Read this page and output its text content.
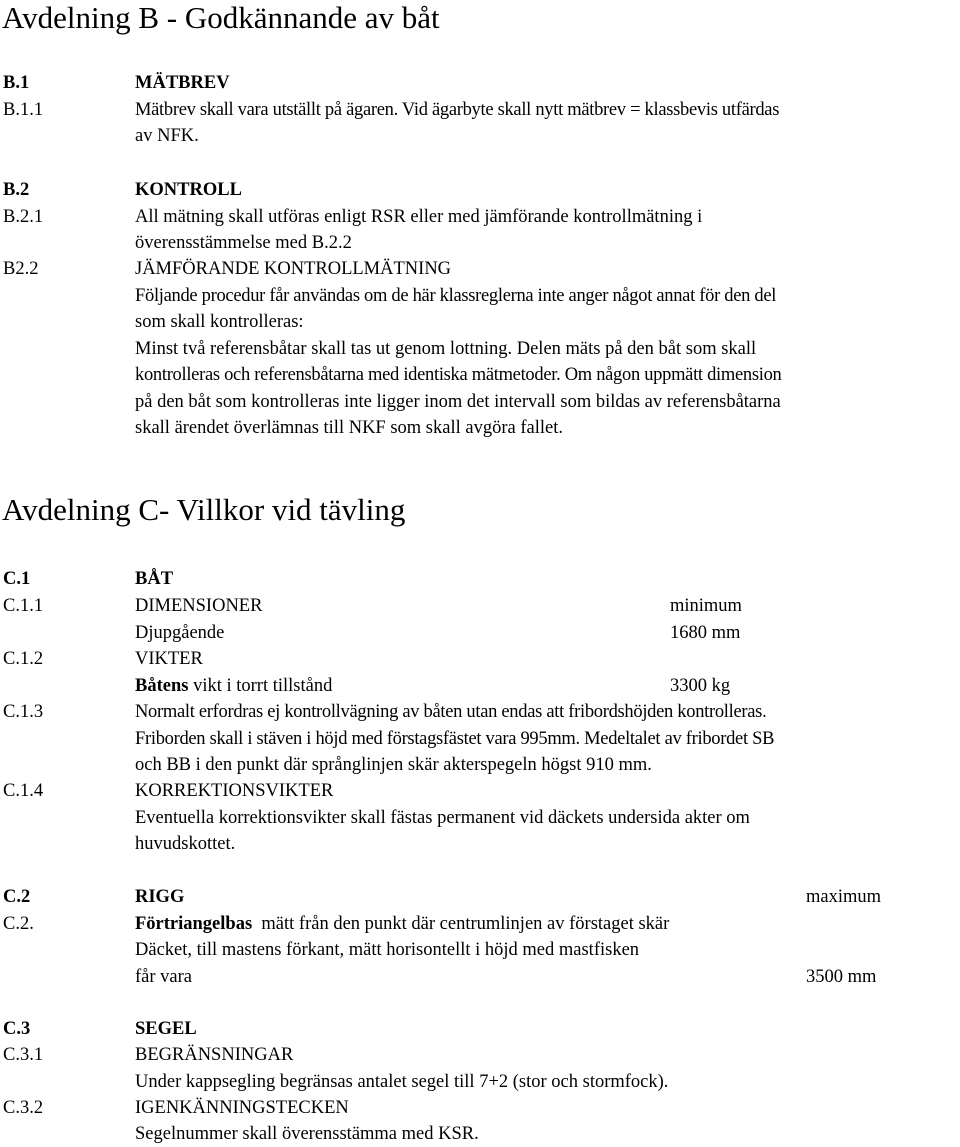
Avdelning B - Godkännande av båt
B.1	MÄTBREV
B.1.1	Mätbrev skall vara utställt på ägaren. Vid ägarbyte skall nytt mätbrev = klassbevis utfärdas
av NFK.
B.2	KONTROLL
B.2.1	All mätning skall utföras enligt RSR eller med jämförande kontrollmätning i
överensstämmelse med B.2.2
B2.2	JÄMFÖRANDE KONTROLLMÄTNING
Följande procedur får användas om de här klassreglerna inte anger något annat för den del
som skall kontrolleras:
Minst två referensbåtar skall tas ut genom lottning. Delen mäts på den båt som skall
kontrolleras och referensbåtarna med identiska mätmetoder. Om någon uppmätt dimension
på den båt som kontrolleras inte ligger inom det intervall som bildas av referensbåtarna
skall ärendet överlämnas till NKF som skall avgöra fallet.
Avdelning C- Villkor vid tävling
C.1	BÅT
C.1.1	DIMENSIONER	minimum
Djupgående	1680 mm
C.1.2	VIKTER
Båtens vikt i torrt tillstånd	3300 kg
C.1.3	Normalt erfordras ej kontrollvägning av båten utan endas att fribordshöjden kontrolleras.
Friborden skall i stäven i höjd med förstagsfästet vara 995mm. Medeltalet av fribordet SB
och BB i den punkt där språnglinjen skär akterspegeln högst 910 mm.
C.1.4	KORREKTIONSVIKTER
Eventuella korrektionsvikter skall fästas permanent vid däckets undersida akter om
huvudskottet.
C.2	RIGG	maximum
C.2.	Förtriangelbas  mätt från den punkt där centrumlinjen av förstaget skär
Däcket, till mastens förkant, mätt horisontellt i höjd med mastfisken
får vara	3500 mm
C.3	SEGEL
C.3.1	BEGRÄNSNINGAR
Under kappsegling begränsas antalet segel till 7+2 (stor och stormfock).
C.3.2	IGENKÄNNINGSTECKEN
Segelnummer skall överensstämma med KSR.
